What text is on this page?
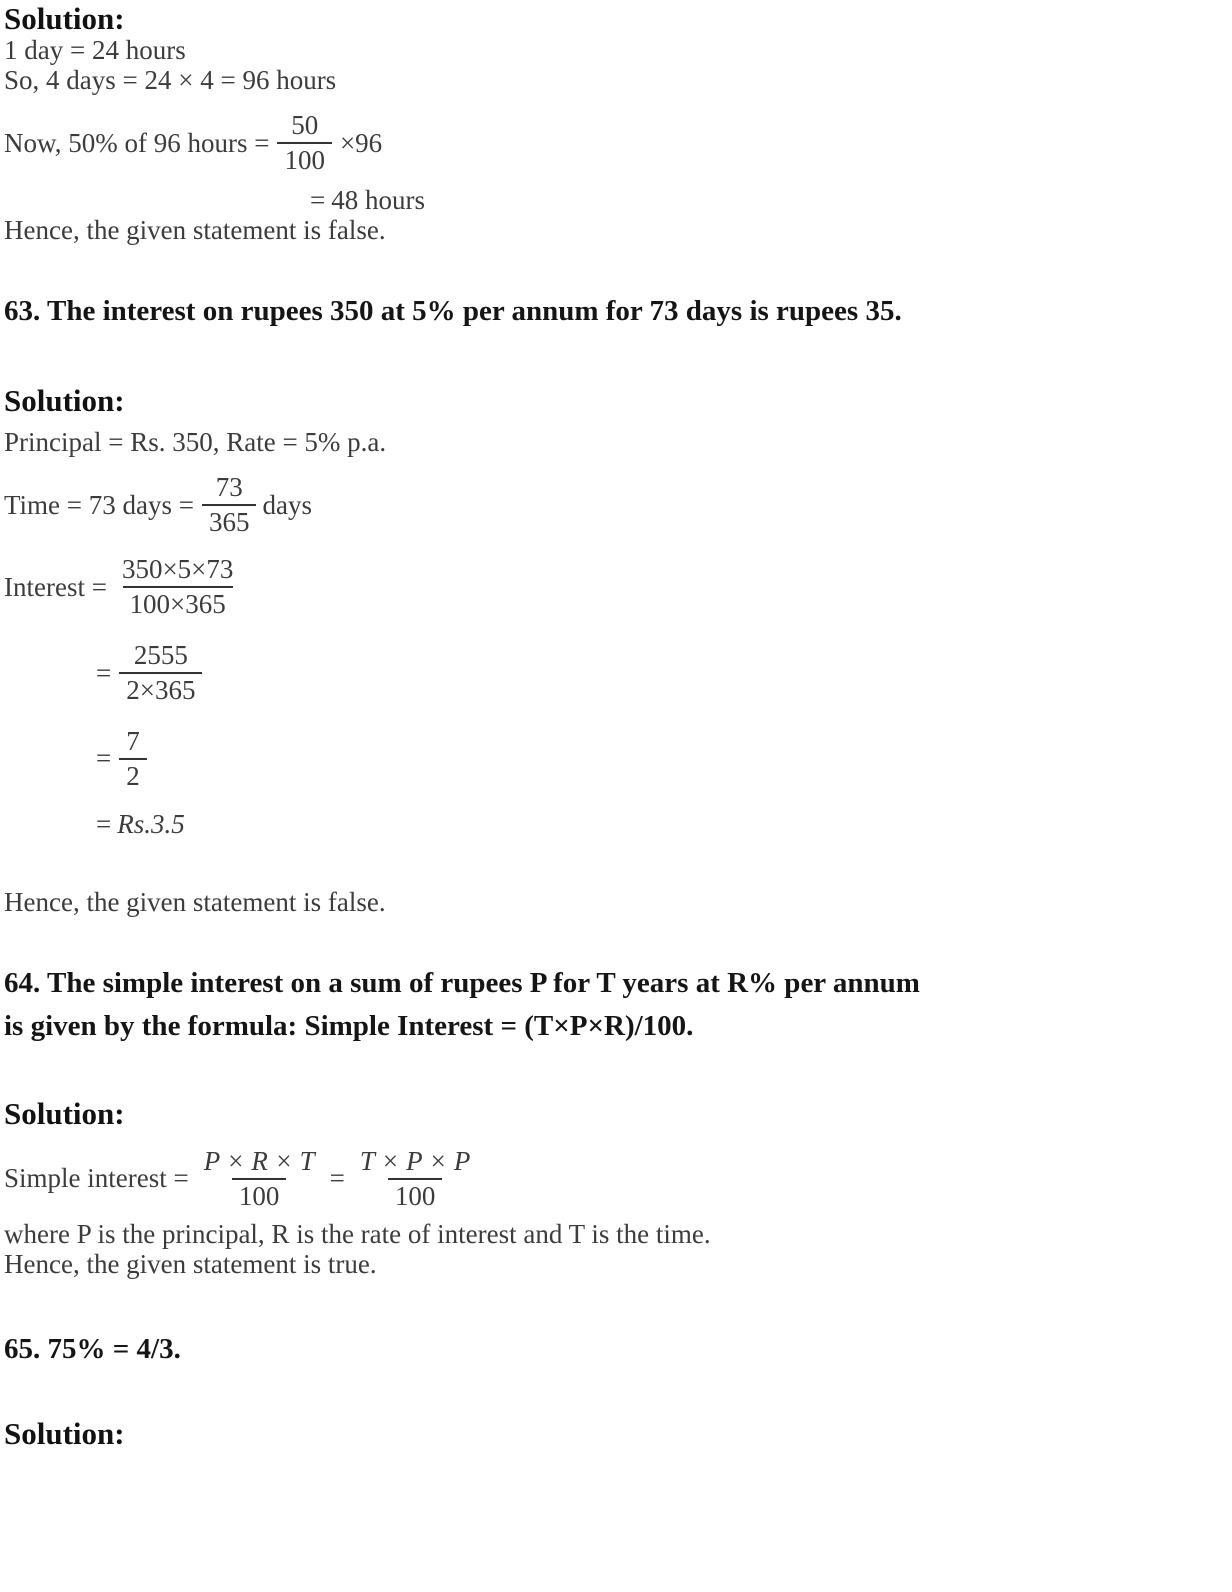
Solution:

1 day = 24 hours

So, 4 days = 24 × 4 = 96 hours

Now, 50% of 96 hours = $\frac{50}{100} \times 96$
= 48 hours

Hence, the given statement is false.

63. The interest on rupees 350 at 5% per annum for 73 days is rupees 35.
Solution:

Principal = Rs. 350, Rate = 5% p.a.

Time = 73 days = $\frac{73}{365}$ days
Interest = $\frac{350\times 5\times 73}{100\times 365}$
= $\frac{2555}{2\times 365}$
= $\frac{7}{2}$
= Rs.3.5

Hence, the given statement is false.

64. The simple interest on a sum of rupees P for T years at R% per annum
is given by the formula: Simple Interest = (T×P×R)/100.
Solution:
Simple interest = $\frac{P \times R \times T}{100} = \frac{T \times P \times P}{100}$

where P is the principal, R is the rate of interest and T is the time.

Hence, the given statement is true.

65. 75% = 4/3.
Solution:
